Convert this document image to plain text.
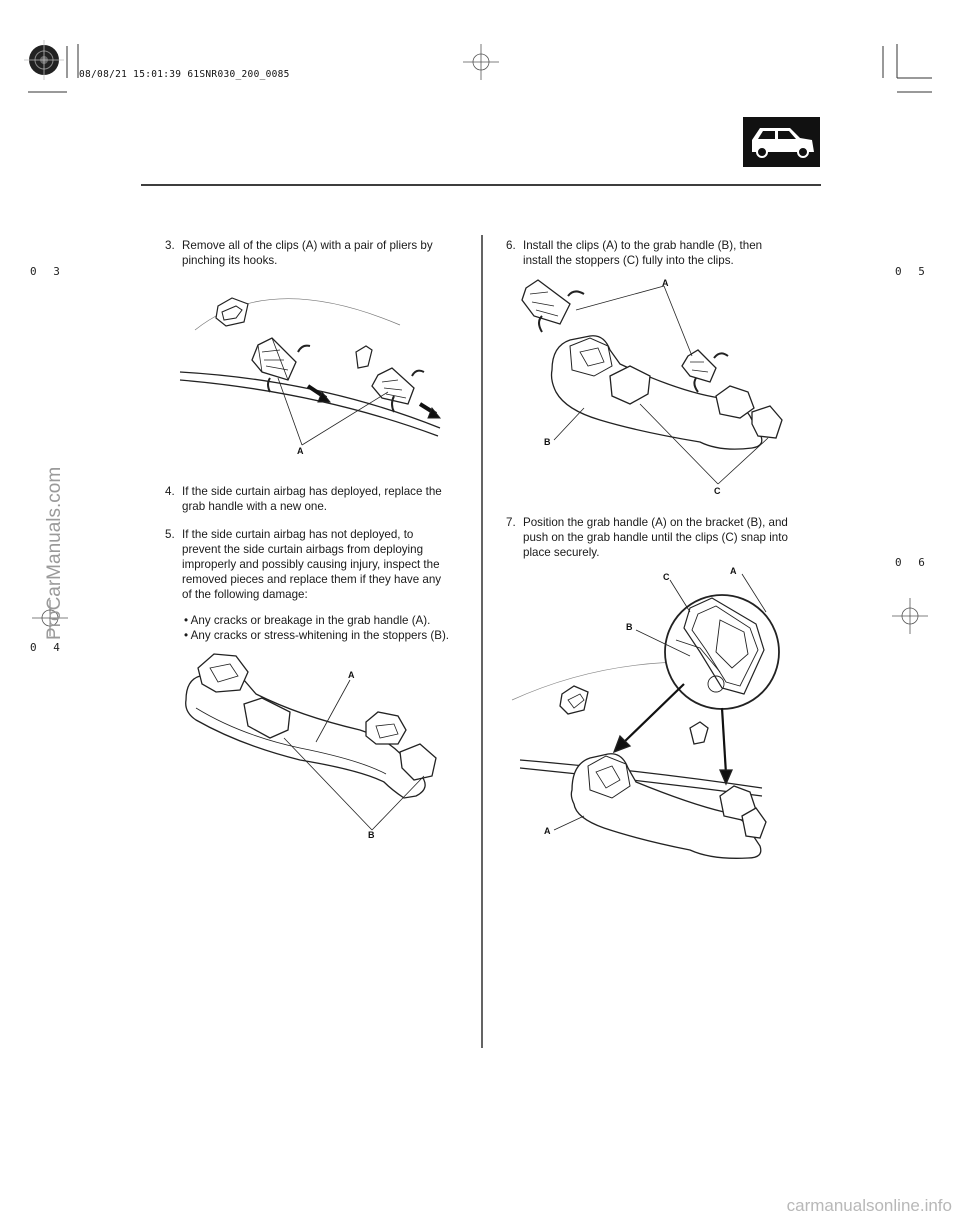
08/08/21 15:01:39 61SNR030_200_0085
0 3
0 4
0 5
0 6
3. Remove all of the clips (A) with a pair of pliers by
pinching its hooks.
A
4. If the side curtain airbag has deployed, replace the
grab handle with a new one.
5. If the side curtain airbag has not deployed, to
prevent the side curtain airbags from deploying
improperly and possibly causing injury, inspect the
removed pieces and replace them if they have any
of the following damage:
• Any cracks or breakage in the grab handle (A).
• Any cracks or stress-whitening in the stoppers (B).
A
B
6. Install the clips (A) to the grab handle (B), then
install the stoppers (C) fully into the clips.
A
B
C
7. Position the grab handle (A) on the bracket (B), and
push on the grab handle until the clips (C) snap into
place securely.
A
C
B
A
ProCarManuals.com
carmanualsonline.info
